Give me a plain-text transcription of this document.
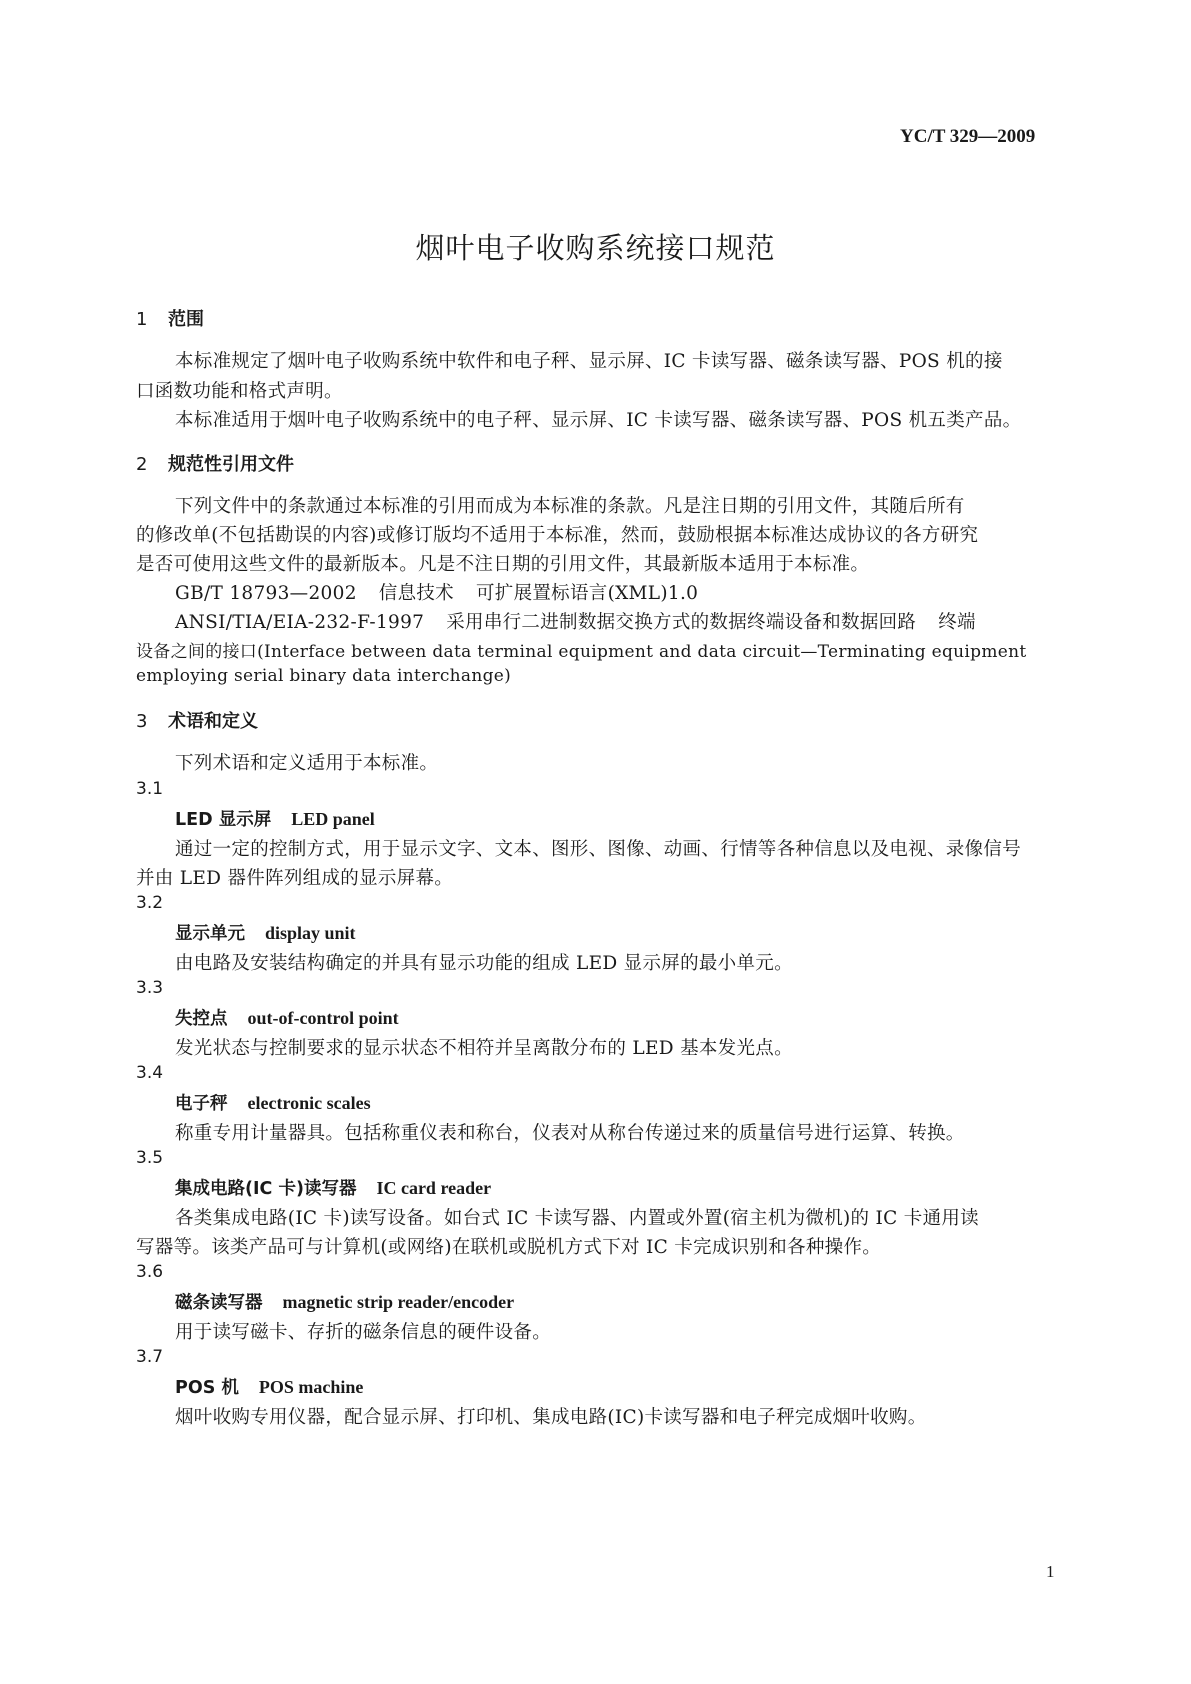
YC/T 329—2009
烟叶电子收购系统接口规范
1 范围
本标准规定了烟叶电子收购系统中软件和电子秤、显示屏、IC 卡读写器、磁条读写器、POS 机的接
口函数功能和格式声明。
本标准适用于烟叶电子收购系统中的电子秤、显示屏、IC 卡读写器、磁条读写器、POS 机五类产品。
2 规范性引用文件
下列文件中的条款通过本标准的引用而成为本标准的条款。凡是注日期的引用文件，其随后所有
的修改单(不包括勘误的内容)或修订版均不适用于本标准，然而，鼓励根据本标准达成协议的各方研究
是否可使用这些文件的最新版本。凡是不注日期的引用文件，其最新版本适用于本标准。
GB/T 18793—2002 信息技术 可扩展置标语言(XML)1.0
ANSI/TIA/EIA-232-F-1997 采用串行二进制数据交换方式的数据终端设备和数据回路 终端
设备之间的接口(Interface between data terminal equipment and data circuit—Terminating equipment
employing serial binary data interchange)
3 术语和定义
下列术语和定义适用于本标准。
3.1
LED 显示屏 LED panel
通过一定的控制方式，用于显示文字、文本、图形、图像、动画、行情等各种信息以及电视、录像信号
并由 LED 器件阵列组成的显示屏幕。
3.2
显示单元 display unit
由电路及安装结构确定的并具有显示功能的组成 LED 显示屏的最小单元。
3.3
失控点 out-of-control point
发光状态与控制要求的显示状态不相符并呈离散分布的 LED 基本发光点。
3.4
电子秤 electronic scales
称重专用计量器具。包括称重仪表和称台，仪表对从称台传递过来的质量信号进行运算、转换。
3.5
集成电路(IC 卡)读写器 IC card reader
各类集成电路(IC 卡)读写设备。如台式 IC 卡读写器、内置或外置(宿主机为微机)的 IC 卡通用读
写器等。该类产品可与计算机(或网络)在联机或脱机方式下对 IC 卡完成识别和各种操作。
3.6
磁条读写器 magnetic strip reader/encoder
用于读写磁卡、存折的磁条信息的硬件设备。
3.7
POS 机 POS machine
烟叶收购专用仪器，配合显示屏、打印机、集成电路(IC)卡读写器和电子秤完成烟叶收购。
1
